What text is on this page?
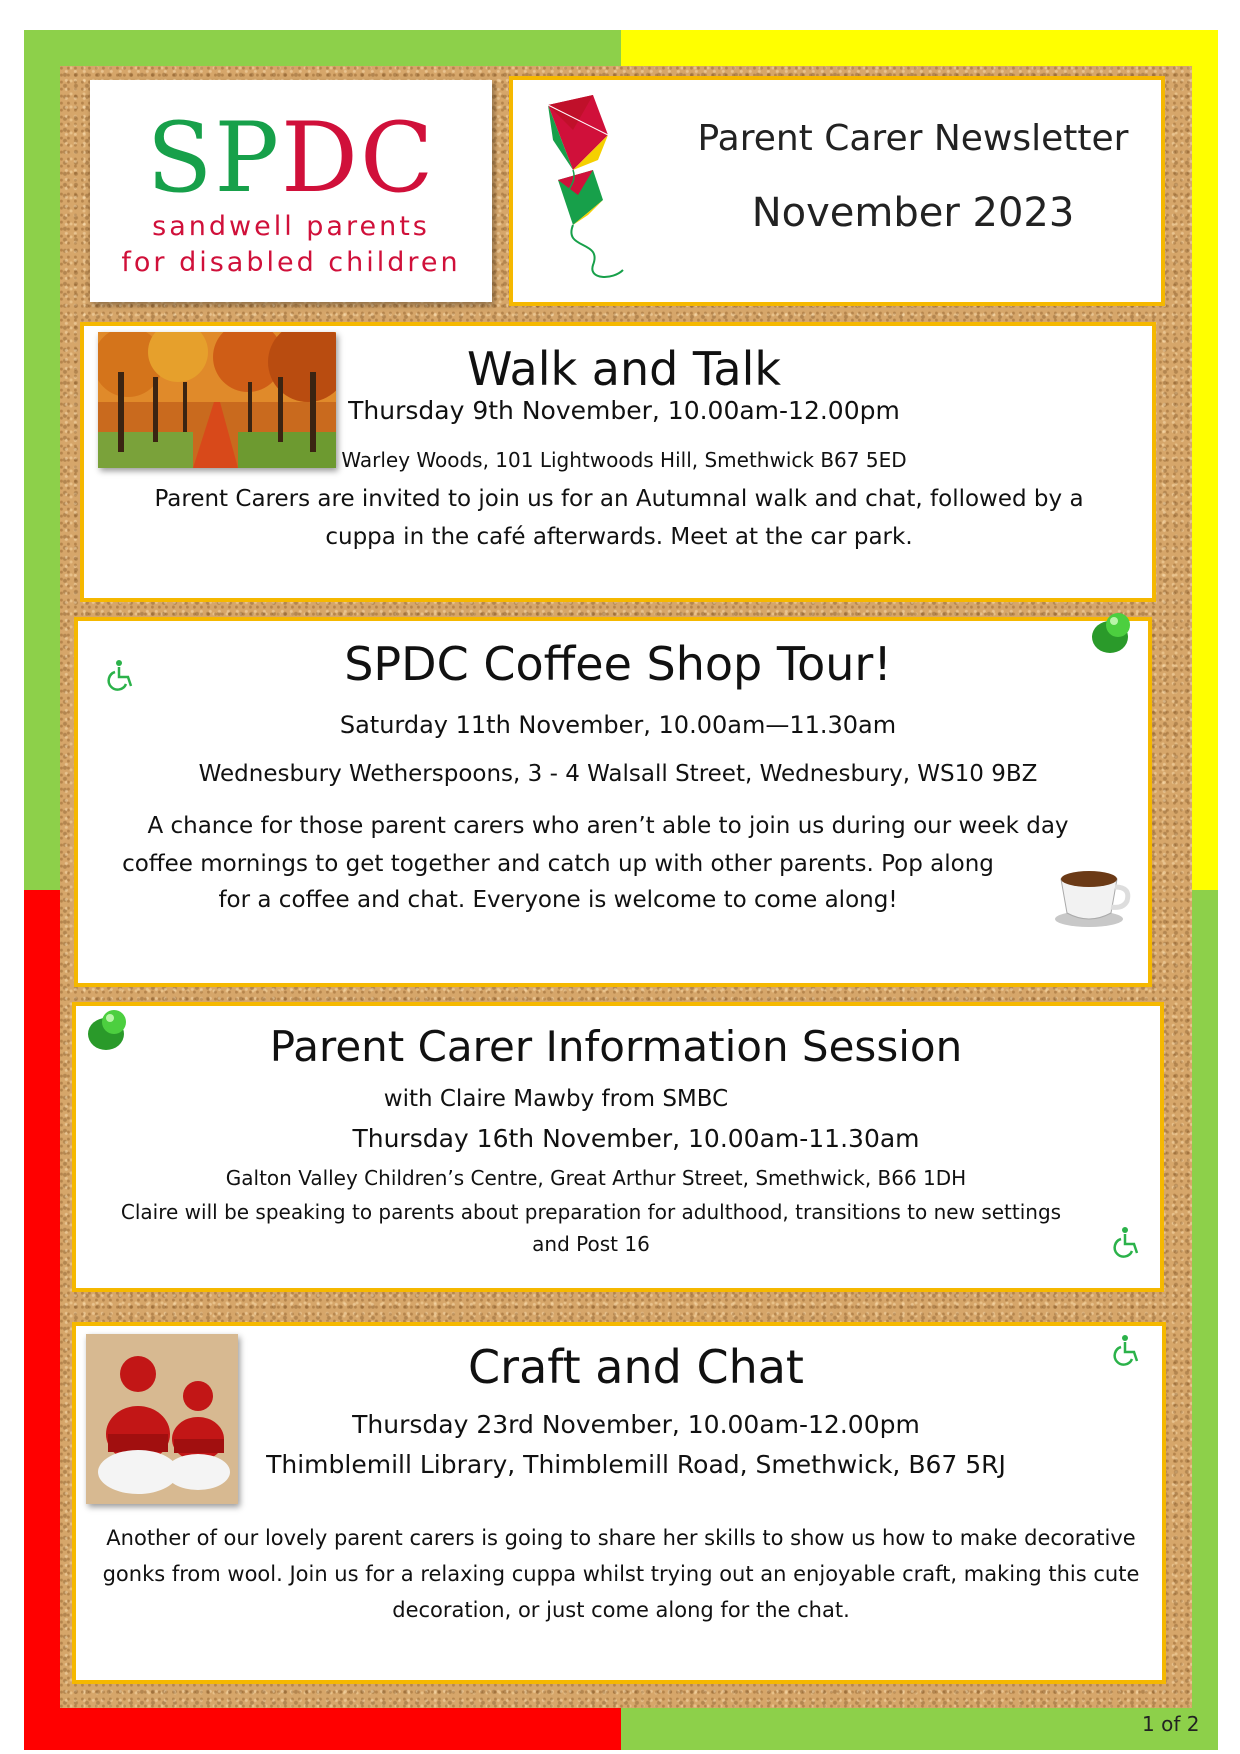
SPDC
sandwell parents
for disabled children
Parent Carer Newsletter
November 2023
Walk and Talk
Thursday 9th November, 10.00am-12.00pm
Warley Woods, 101 Lightwoods Hill, Smethwick B67 5ED
Parent Carers are invited to join us for an Autumnal walk and chat, followed by a
cuppa in the café afterwards. Meet at the car park.
SPDC Coffee Shop Tour!
Saturday 11th November, 10.00am—11.30am
Wednesbury Wetherspoons, 3 - 4 Walsall Street, Wednesbury, WS10 9BZ
A chance for those parent carers who aren’t able to join us during our week day
coffee mornings to get together and catch up with other parents. Pop along
for a coffee and chat. Everyone is welcome to come along!
Parent Carer Information Session
with Claire Mawby from SMBC
Thursday 16th November, 10.00am-11.30am
Galton Valley Children’s Centre, Great Arthur Street, Smethwick, B66 1DH
Claire will be speaking to parents about preparation for adulthood, transitions to new settings
and Post 16
Craft and Chat
Thursday 23rd November, 10.00am-12.00pm
Thimblemill Library, Thimblemill Road, Smethwick, B67 5RJ
Another of our lovely parent carers is going to share her skills to show us how to make decorative
gonks from wool. Join us for a relaxing cuppa whilst trying out an enjoyable craft, making this cute
decoration, or just come along for the chat.
1 of 2
